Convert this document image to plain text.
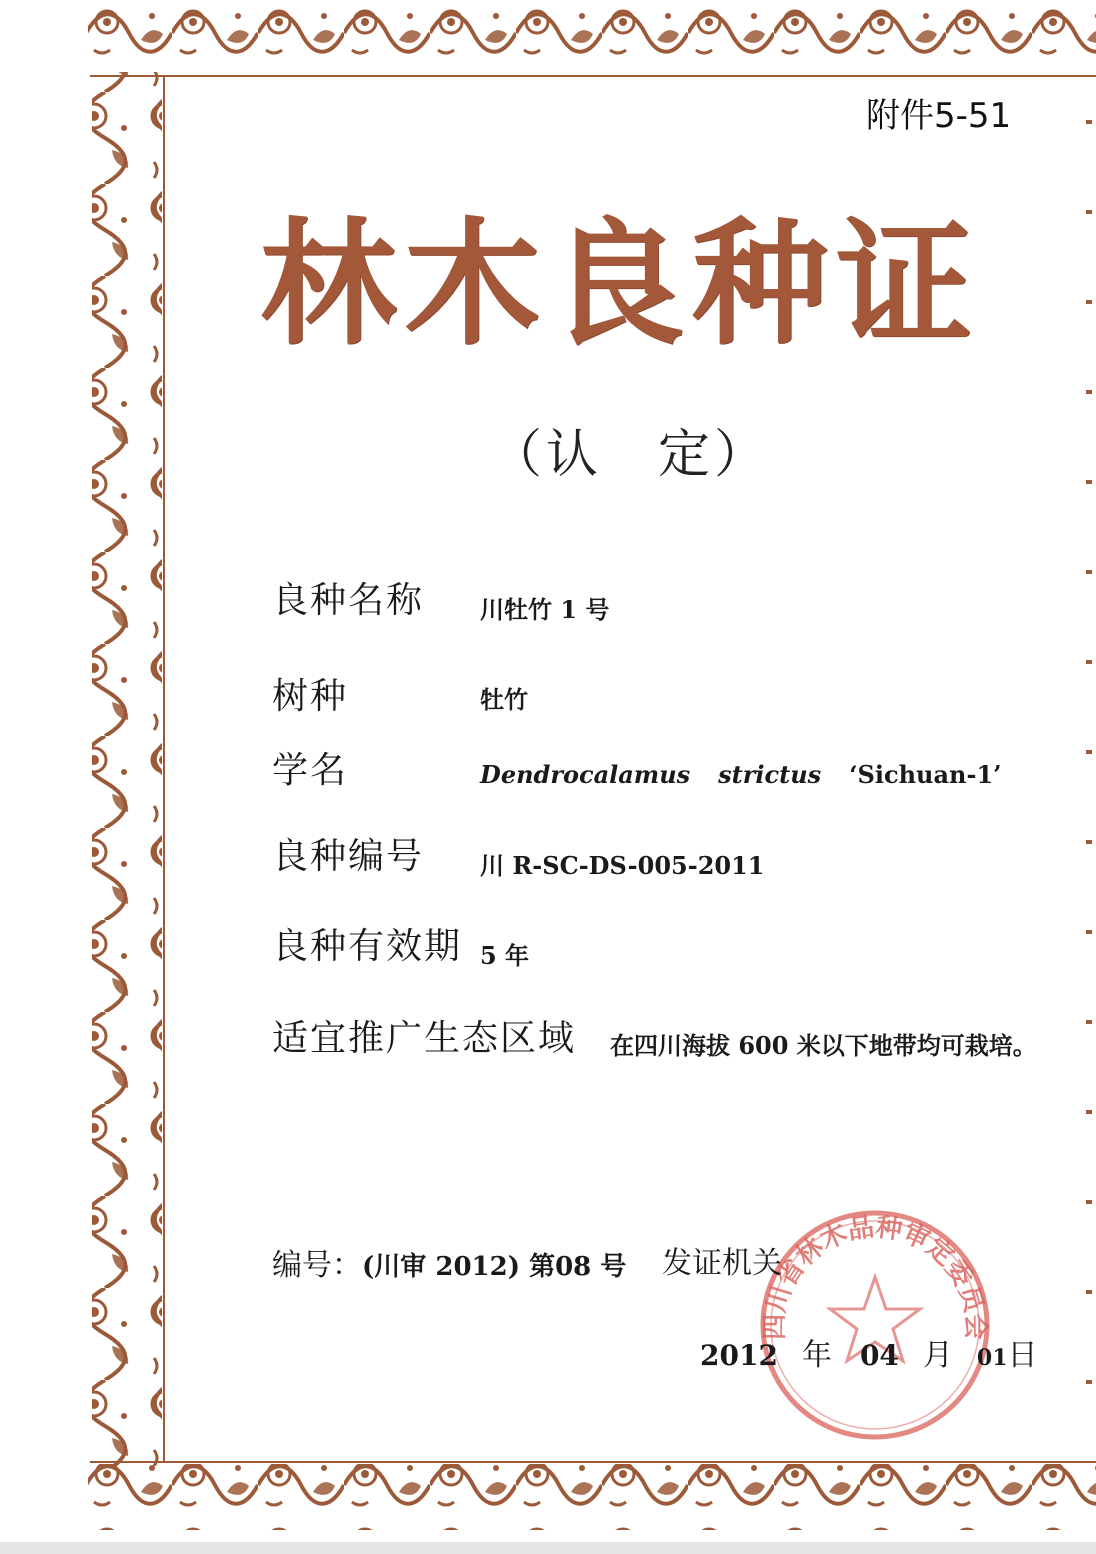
附件5-51
林木良种证
（认　定）
良种名称 川牡竹 1 号
树种	牡竹
学名	Dendrocalamus strictus ‘Sichuan-1’
良种编号 川 R-SC-DS-005-2011
良种有效期 5 年
适宜推广生态区域 在四川海拔 600 米以下地带均可栽培。
四川省林木品种审定委员会
编号：(川审 2012) 第08 号 发证机关
2012 年 04 月 01日
